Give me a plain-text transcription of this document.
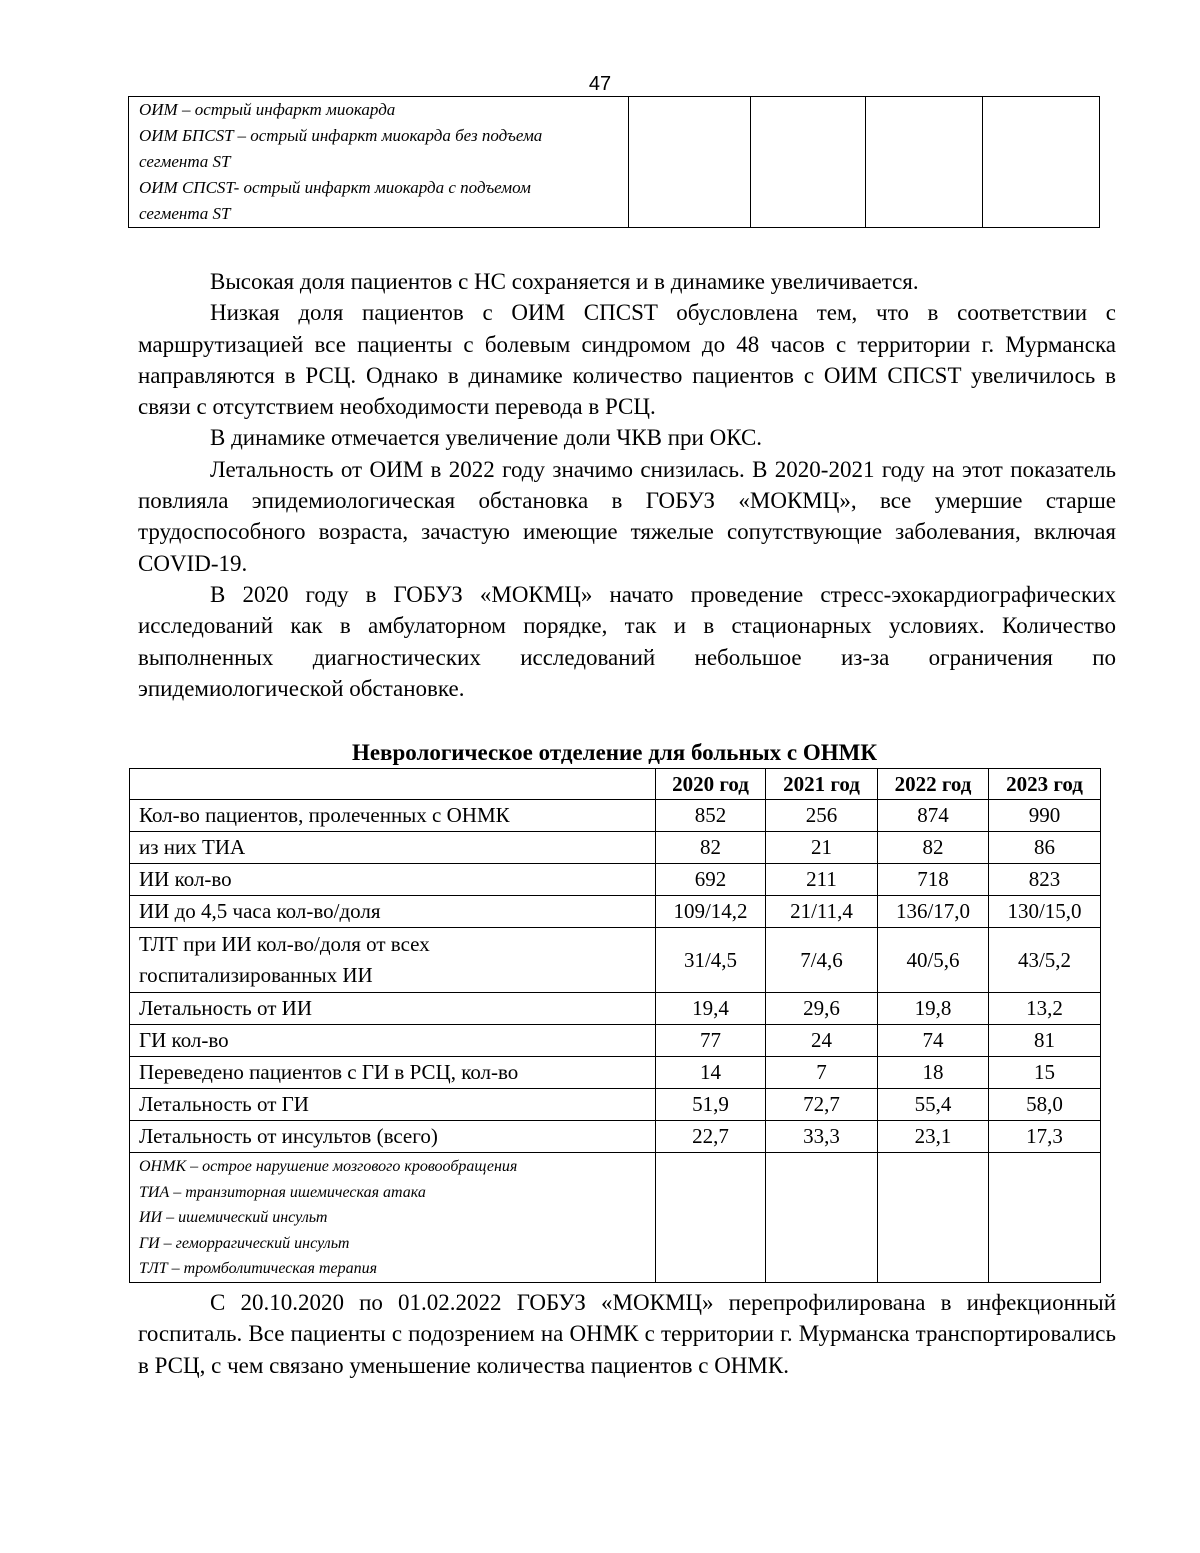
47
ОИМ – острый инфаркт миокарда
ОИМ БПСST – острый инфаркт миокарда без подъема
сегмента ST
ОИМ СПСST- острый инфаркт миокарда с подъемом
сегмента ST

Высокая доля пациентов с НС сохраняется и в динамике увеличивается.

Низкая доля пациентов с ОИМ СПСST обусловлена тем, что в соответствии с маршрутизацией все пациенты с болевым синдромом до 48 часов с территории г. Мурманска направляются в РСЦ. Однако в динамике количество пациентов с ОИМ СПСST увеличилось в связи с отсутствием необходимости перевода в РСЦ.

В динамике отмечается увеличение доли ЧКВ при ОКС.

Летальность от ОИМ в 2022 году значимо снизилась. В 2020-2021 году на этот показатель повлияла эпидемиологическая обстановка в ГОБУЗ «МОКМЦ», все умершие старше трудоспособного возраста, зачастую имеющие тяжелые сопутствующие заболевания, включая COVID-19.

В 2020 году в ГОБУЗ «МОКМЦ» начато проведение стресс-эхокардиографических исследований как в амбулаторном порядке, так и в стационарных условиях. Количество выполненных диагностических исследований небольшое из-за ограничения по эпидемиологической обстановке.

Неврологическое отделение для больных с ОНМК
	2020 год	2021 год	2022 год	2023 год
Кол-во пациентов, пролеченных с ОНМК	852	256	874	990
из них ТИА	82	21	82	86
ИИ кол-во	692	211	718	823
ИИ до 4,5 часа кол-во/доля	109/14,2	21/11,4	136/17,0	130/15,0
ТЛТ при ИИ кол-во/доля от всех
госпитализированных ИИ	31/4,5	7/4,6	40/5,6	43/5,2
Летальность от ИИ	19,4	29,6	19,8	13,2
ГИ кол-во	77	24	74	81
Переведено пациентов с ГИ в РСЦ, кол-во	14	7	18	15
Летальность от ГИ	51,9	72,7	55,4	58,0
Летальность от инсультов (всего)	22,7	33,3	23,1	17,3

ОНМК – острое нарушение мозгового кровообращения
ТИА – транзиторная ишемическая атака
ИИ – ишемический инсульт
ГИ – геморрагический инсульт
ТЛТ – тромболитическая терапия				

С 20.10.2020 по 01.02.2022 ГОБУЗ «МОКМЦ» перепрофилирована в инфекционный госпиталь. Все пациенты с подозрением на ОНМК с территории г. Мурманска транспортировались в РСЦ, с чем связано уменьшение количества пациентов с ОНМК.
